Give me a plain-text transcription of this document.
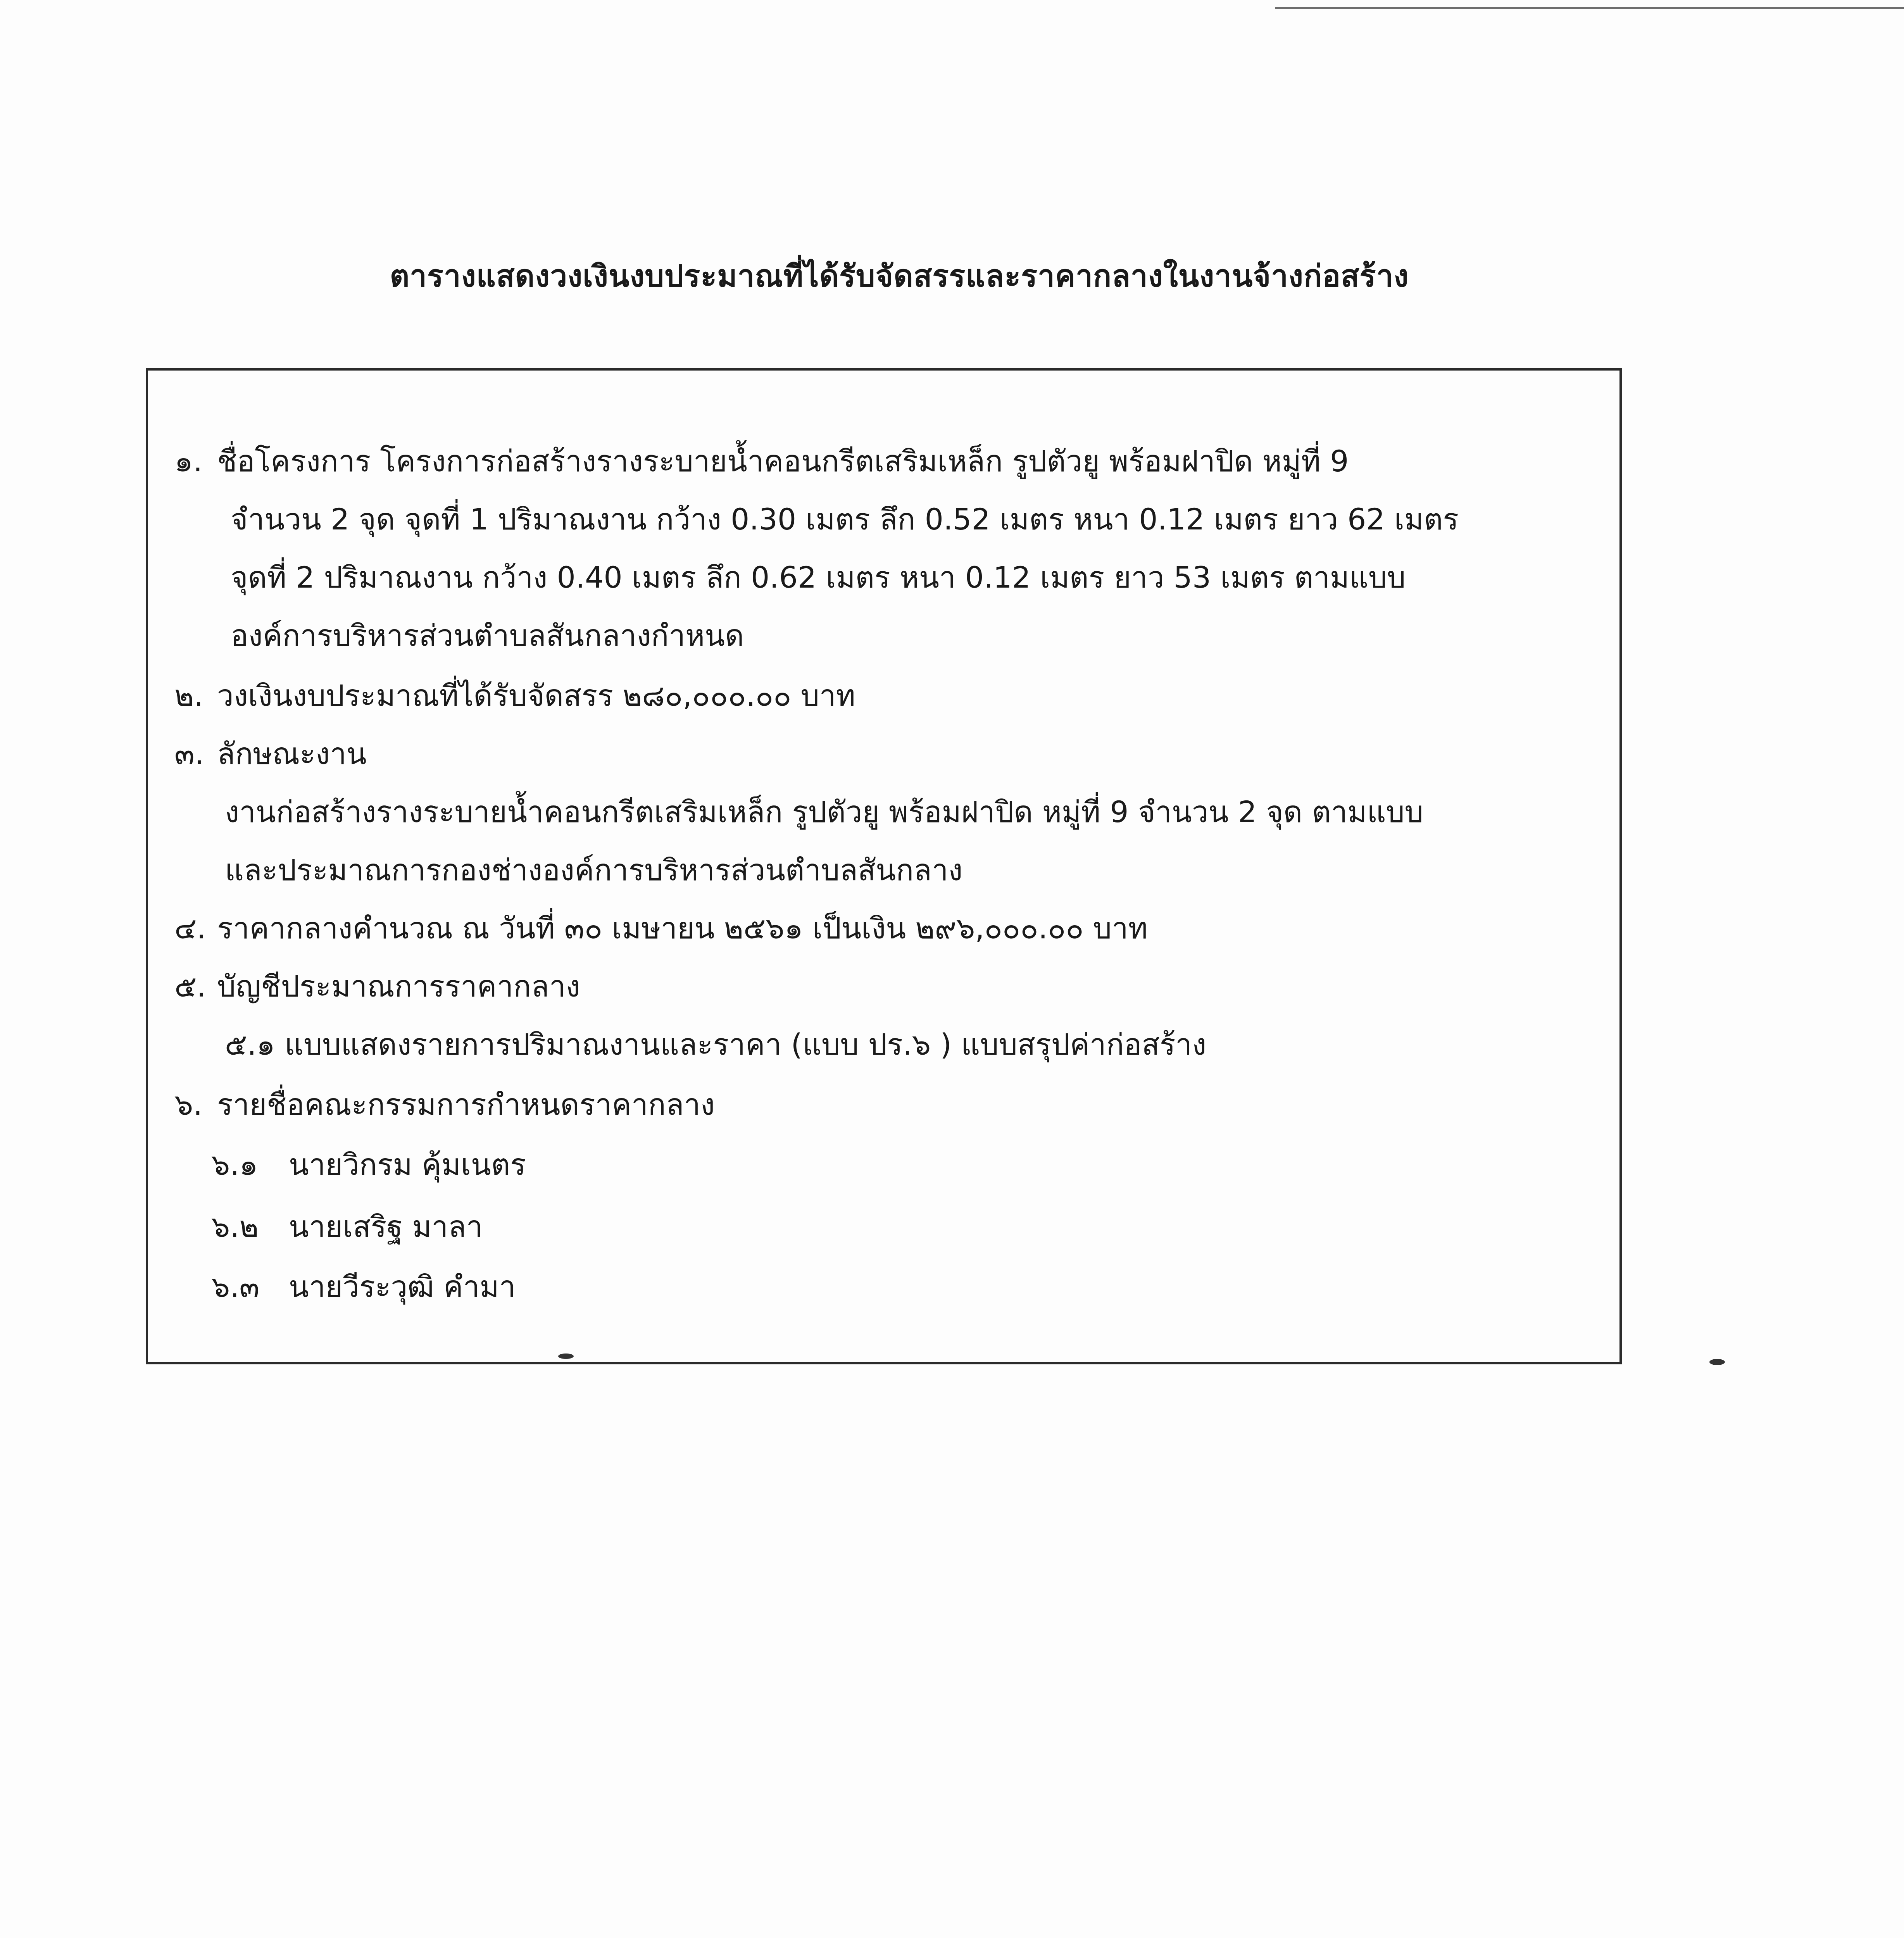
ตารางแสดงวงเงินงบประมาณที่ได้รับจัดสรรและราคากลางในงานจ้างก่อสร้าง
๑. ชื่อโครงการ โครงการก่อสร้างรางระบายน้ำคอนกรีตเสริมเหล็ก รูปตัวยู พร้อมฝาปิด หมู่ที่ 9
จำนวน 2 จุด จุดที่ 1 ปริมาณงาน กว้าง 0.30 เมตร ลึก 0.52 เมตร หนา 0.12 เมตร ยาว 62 เมตร
จุดที่ 2 ปริมาณงาน กว้าง 0.40 เมตร ลึก 0.62 เมตร หนา 0.12 เมตร ยาว 53 เมตร ตามแบบ
องค์การบริหารส่วนตำบลสันกลางกำหนด
๒. วงเงินงบประมาณที่ได้รับจัดสรร ๒๘๐,๐๐๐.๐๐ บาท
๓. ลักษณะงาน
งานก่อสร้างรางระบายน้ำคอนกรีตเสริมเหล็ก รูปตัวยู พร้อมฝาปิด หมู่ที่ 9 จำนวน 2 จุด ตามแบบ
และประมาณการกองช่างองค์การบริหารส่วนตำบลสันกลาง
๔. ราคากลางคำนวณ ณ วันที่ ๓๐ เมษายน ๒๕๖๑ เป็นเงิน ๒๙๖,๐๐๐.๐๐ บาท
๕. บัญชีประมาณการราคากลาง
๕.๑ แบบแสดงรายการปริมาณงานและราคา (แบบ ปร.๖ ) แบบสรุปค่าก่อสร้าง
๖. รายชื่อคณะกรรมการกำหนดราคากลาง
๖.๑ นายวิกรม คุ้มเนตร
๖.๒ นายเสริฐ มาลา
๖.๓ นายวีระวุฒิ คำมา
